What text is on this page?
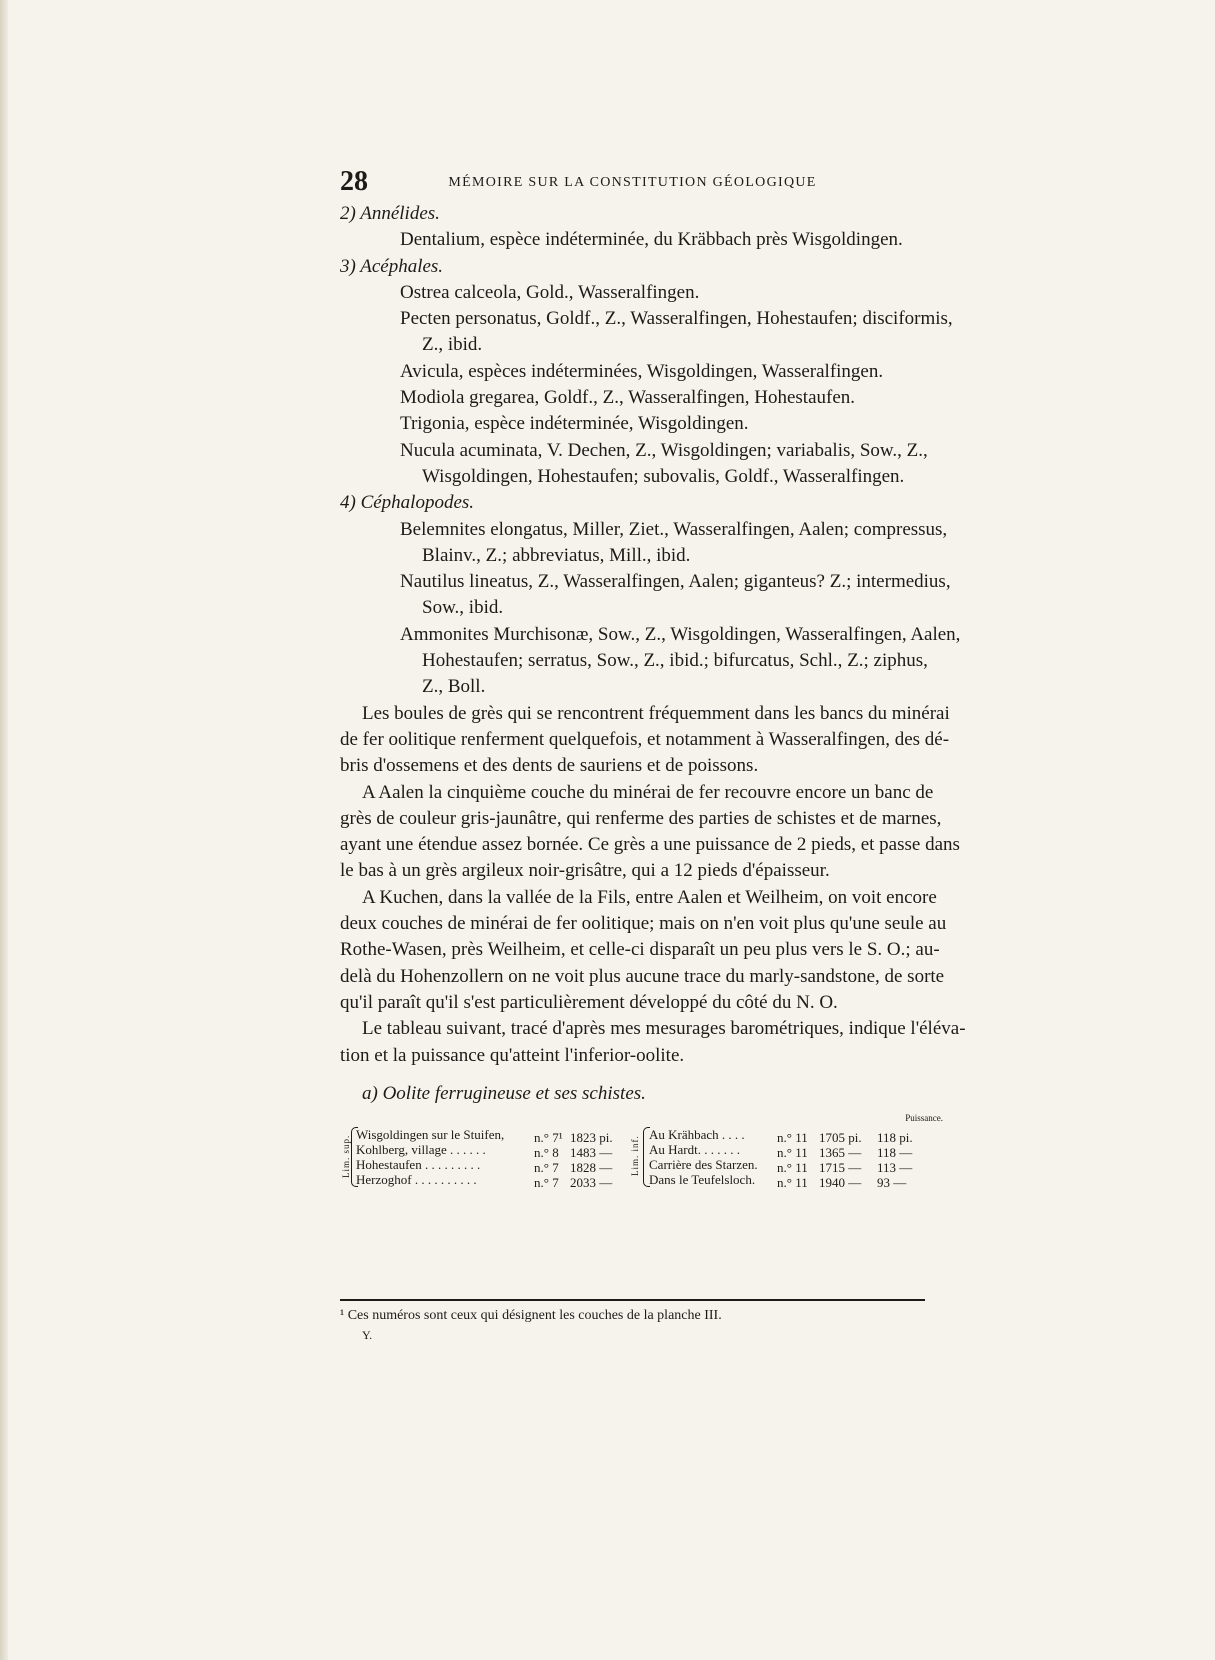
28	MÉMOIRE SUR LA CONSTITUTION GÉOLOGIQUE
2) Annélides.
Dentalium, espèce indéterminée, du Kräbbach près Wisgoldingen.
3) Acéphales.
Ostrea calceola, Gold., Wasseralfingen.
Pecten personatus, Goldf., Z., Wasseralfingen, Hohestaufen; disciformis,
Z., ibid.
Avicula, espèces indéterminées, Wisgoldingen, Wasseralfingen.
Modiola gregarea, Goldf., Z., Wasseralfingen, Hohestaufen.
Trigonia, espèce indéterminée, Wisgoldingen.
Nucula acuminata, V. Dechen, Z., Wisgoldingen; variabalis, Sow., Z.,
Wisgoldingen, Hohestaufen; subovalis, Goldf., Wasseralfingen.
4) Céphalopodes.
Belemnites elongatus, Miller, Ziet., Wasseralfingen, Aalen; compressus,
Blainv., Z.; abbreviatus, Mill., ibid.
Nautilus lineatus, Z., Wasseralfingen, Aalen; giganteus? Z.; intermedius,
Sow., ibid.
Ammonites Murchisonæ, Sow., Z., Wisgoldingen, Wasseralfingen, Aalen,
Hohestaufen; serratus, Sow., Z., ibid.; bifurcatus, Schl., Z.; ziphus,
Z., Boll.
Les boules de grès qui se rencontrent fréquemment dans les bancs du minérai
de fer oolitique renferment quelquefois, et notamment à Wasseralfingen, des dé-
bris d'ossemens et des dents de sauriens et de poissons.
A Aalen la cinquième couche du minérai de fer recouvre encore un banc de
grès de couleur gris-jaunâtre, qui renferme des parties de schistes et de marnes,
ayant une étendue assez bornée. Ce grès a une puissance de 2 pieds, et passe dans
le bas à un grès argileux noir-grisâtre, qui a 12 pieds d'épaisseur.
A Kuchen, dans la vallée de la Fils, entre Aalen et Weilheim, on voit encore
deux couches de minérai de fer oolitique; mais on n'en voit plus qu'une seule au
Rothe-Wasen, près Weilheim, et celle-ci disparaît un peu plus vers le S. O.; au-
delà du Hohenzollern on ne voit plus aucune trace du marly-sandstone, de sorte
qu'il paraît qu'il s'est particulièrement développé du côté du N. O.
Le tableau suivant, tracé d'après mes mesurages barométriques, indique l'éléva-
tion et la puissance qu'atteint l'inferior-oolite.
a) Oolite ferrugineuse et ses schistes.
Lim. sup. Wisgoldingen sur le Stuifen, n.° 7¹ 1823 pi.
Kohlberg, village . . . . . .	n.° 8 1483 —
Hohestaufen . . . . . . . . .	n.° 7 1828 —
Herzoghof . . . . . . . . . .	n.° 7 2033 —
Puissance.
Lim. inf.
Au Krähbach . . . . n.° 11 1705 pi. 118 pi.
Au Hardt. . . . . . .	n.° 11 1365 — 118 —
Carrière des Starzen. n.° 11 1715 — 113 —
Dans le Teufelsloch. n.° 11 1940 — 93 —
¹ Ces numéros sont ceux qui désignent les couches de la planche III.
Y.
